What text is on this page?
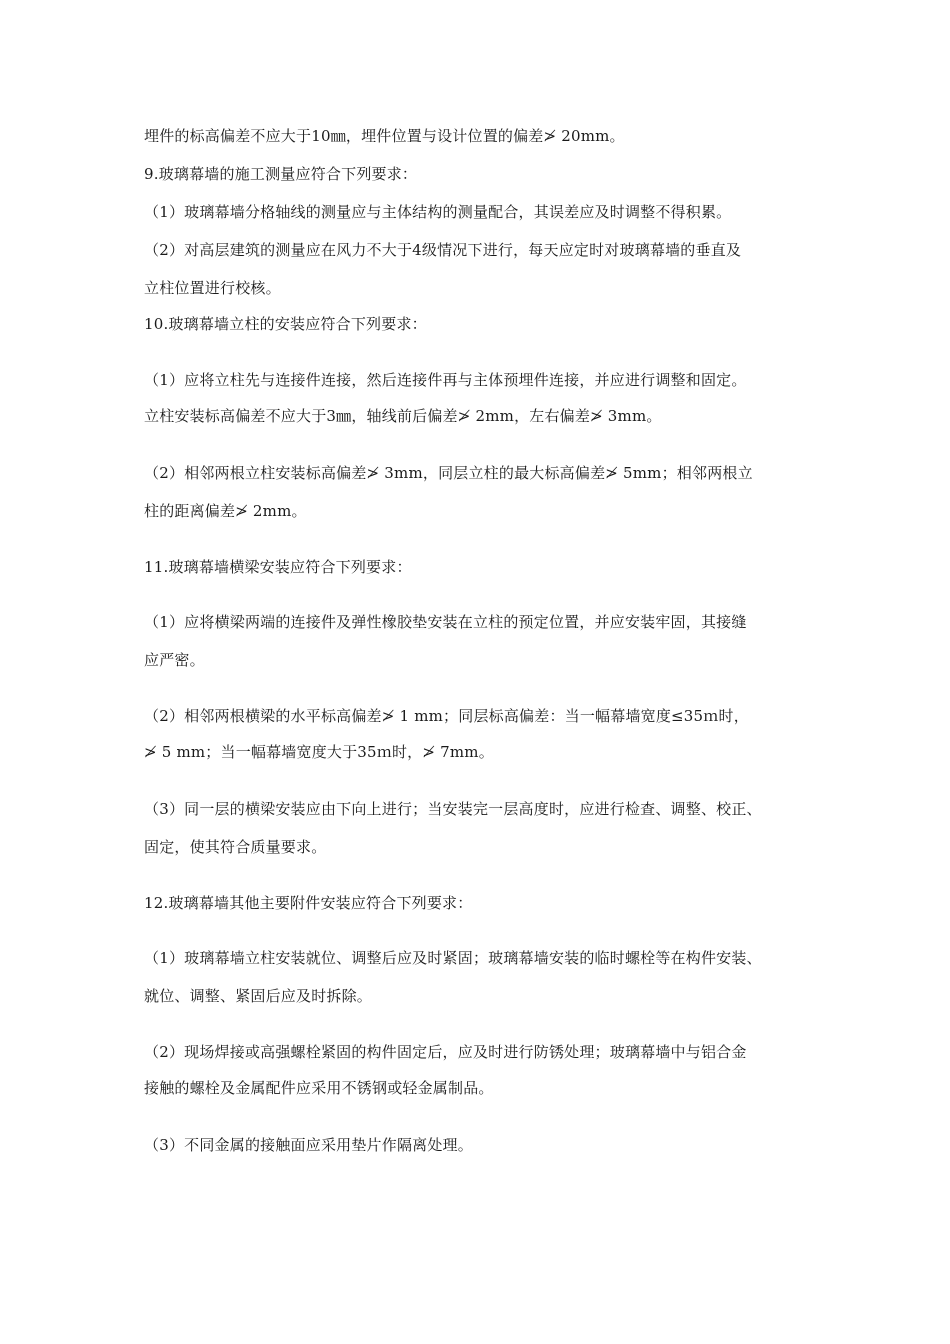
埋件的标高偏差不应大于10㎜，埋件位置与设计位置的偏差≯ 20mm。
9.玻璃幕墙的施工测量应符合下列要求：
（1）玻璃幕墙分格轴线的测量应与主体结构的测量配合，其误差应及时调整不得积累。
（2）对高层建筑的测量应在风力不大于4级情况下进行，每天应定时对玻璃幕墙的垂直及
立柱位置进行校核。
10.玻璃幕墙立柱的安装应符合下列要求：
（1）应将立柱先与连接件连接，然后连接件再与主体预埋件连接，并应进行调整和固定。
立柱安装标高偏差不应大于3㎜，轴线前后偏差≯ 2mm，左右偏差≯ 3mm。
（2）相邻两根立柱安装标高偏差≯ 3mm，同层立柱的最大标高偏差≯ 5mm；相邻两根立
柱的距离偏差≯ 2mm。
11.玻璃幕墙横梁安装应符合下列要求：
（1）应将横梁两端的连接件及弹性橡胶垫安装在立柱的预定位置，并应安装牢固，其接缝
应严密。
（2）相邻两根横梁的水平标高偏差≯ 1 mm；同层标高偏差：当一幅幕墙宽度≤35ｍ时，
≯ 5 mm；当一幅幕墙宽度大于35ｍ时，≯ 7mm。
（3）同一层的横梁安装应由下向上进行；当安装完一层高度时，应进行检查、调整、校正、
固定，使其符合质量要求。
12.玻璃幕墙其他主要附件安装应符合下列要求：
（1）玻璃幕墙立柱安装就位、调整后应及时紧固；玻璃幕墙安装的临时螺栓等在构件安装、
就位、调整、紧固后应及时拆除。
（2）现场焊接或高强螺栓紧固的构件固定后，应及时进行防锈处理；玻璃幕墙中与铝合金
接触的螺栓及金属配件应采用不锈钢或轻金属制品。
（3）不同金属的接触面应采用垫片作隔离处理。
